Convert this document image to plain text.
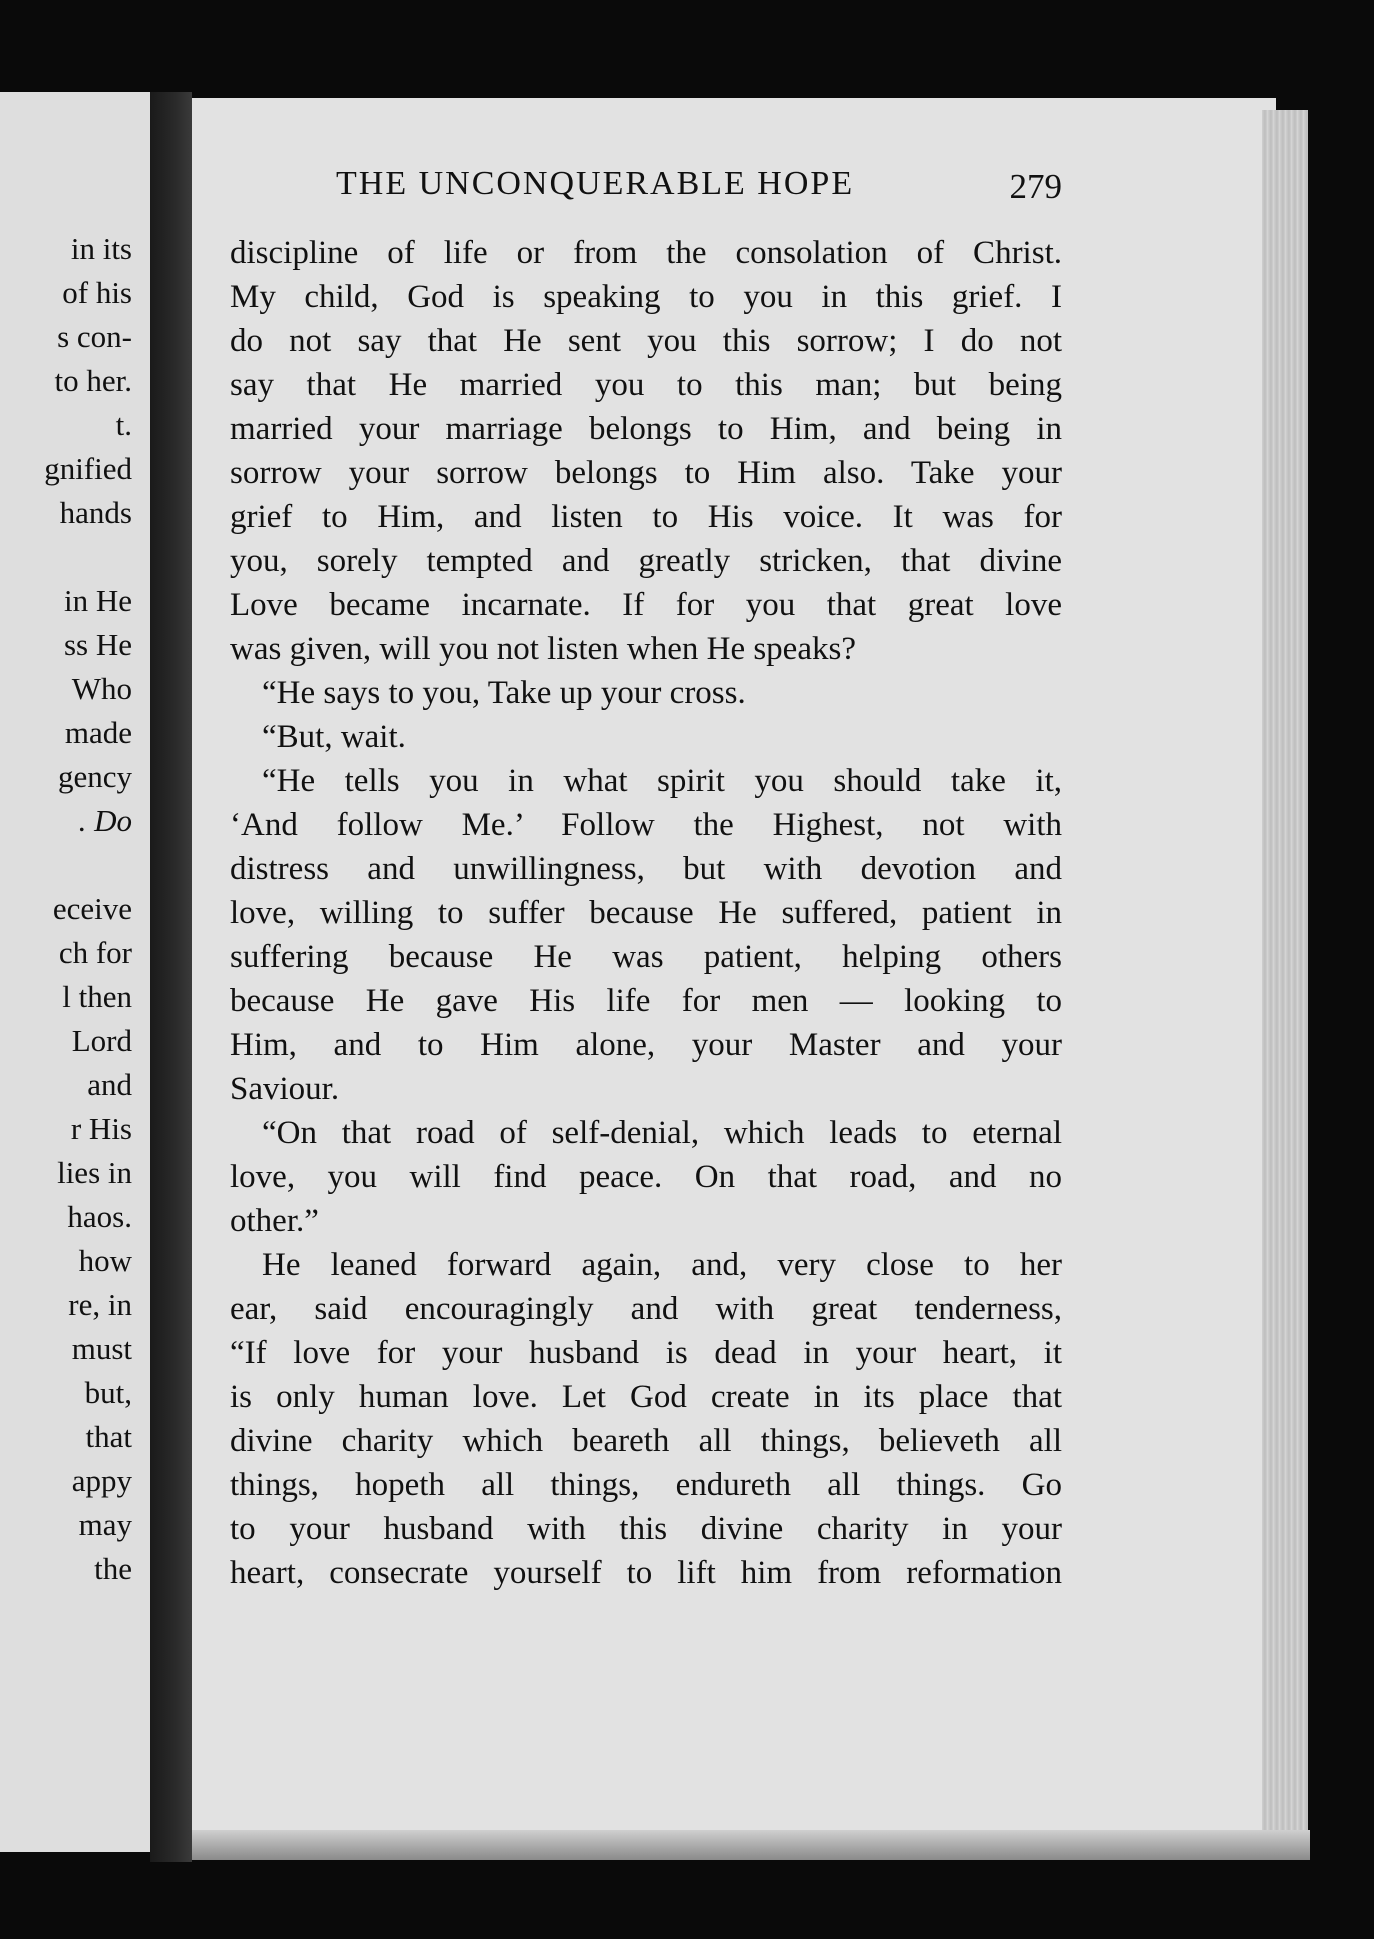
in its
of his
s con-
to her.
t.
gnified
hands
in He
ss He
Who
made
gency
. Do
eceive
ch for
l then
Lord
and
r His
lies in
haos.
how
re, in
must
but,
that
appy
may
the
THE UNCONQUERABLE HOPE	279
discipline of life or from the consolation of Christ.
My child, God is speaking to you in this grief. I
do not say that He sent you this sorrow; I do not
say that He married you to this man; but being
married your marriage belongs to Him, and being in
sorrow your sorrow belongs to Him also. Take your
grief to Him, and listen to His voice. It was for
you, sorely tempted and greatly stricken, that divine
Love became incarnate. If for you that great love
was given, will you not listen when He speaks?
“He says to you, Take up your cross.
“But, wait.
“He tells you in what spirit you should take it,
‘And follow Me.’ Follow the Highest, not with
distress and unwillingness, but with devotion and
love, willing to suffer because He suffered, patient in
suffering because He was patient, helping others
because He gave His life for men — looking to
Him, and to Him alone, your Master and your
Saviour.
“On that road of self-denial, which leads to eternal
love, you will find peace. On that road, and no
other.”
He leaned forward again, and, very close to her
ear, said encouragingly and with great tenderness,
“If love for your husband is dead in your heart, it
is only human love. Let God create in its place that
divine charity which beareth all things, believeth all
things, hopeth all things, endureth all things. Go
to your husband with this divine charity in your
heart, consecrate yourself to lift him from reformation
